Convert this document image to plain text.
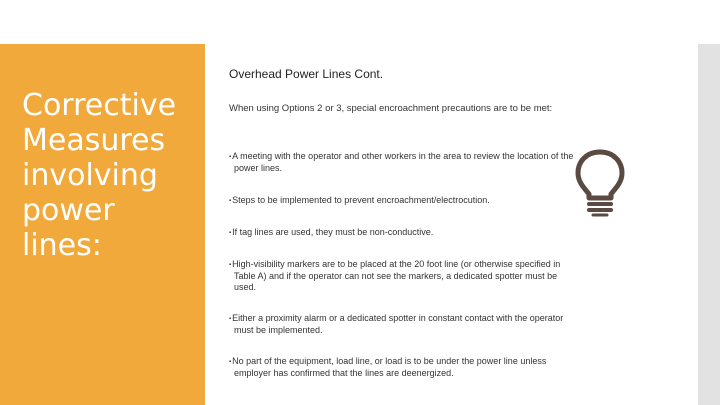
Corrective
Measures
involving
power
lines:
Overhead Power Lines Cont.
When using Options 2 or 3, special encroachment precautions are to be met:
▪ A meeting with the operator and other workers in the area to review the location of the power lines.
▪ Steps to be implemented to prevent encroachment/electrocution.
▪ If tag lines are used, they must be non-conductive.
▪ High-visibility markers are to be placed at the 20 foot line (or otherwise specified in Table A) and if the operator can not see the markers, a dedicated spotter must be used.
▪ Either a proximity alarm or a dedicated spotter in constant contact with the operator must be implemented.
▪ No part of the equipment, load line, or load is to be under the power line unless employer has confirmed that the lines are deenergized.
